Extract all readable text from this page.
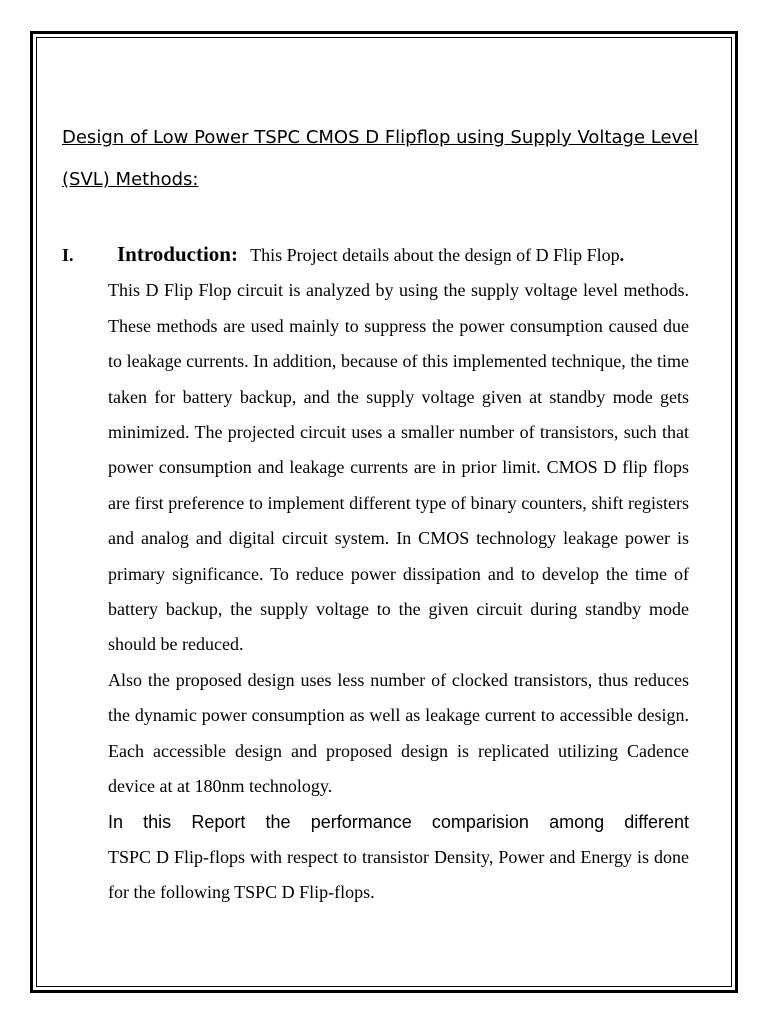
Design of Low Power TSPC CMOS D Flipflop using Supply Voltage Level (SVL) Methods:
I. Introduction: This Project details about the design of D Flip Flop.

This D Flip Flop circuit is analyzed by using the supply voltage level methods. These methods are used mainly to suppress the power consumption caused due to leakage currents. In addition, because of this implemented technique, the time taken for battery backup, and the supply voltage given at standby mode gets minimized. The projected circuit uses a smaller number of transistors, such that power consumption and leakage currents are in prior limit. CMOS D flip flops are first preference to implement different type of binary counters, shift registers and analog and digital circuit system. In CMOS technology leakage power is primary significance. To reduce power dissipation and to develop the time of battery backup, the supply voltage to the given circuit during standby mode should be reduced.

Also the proposed design uses less number of clocked transistors, thus reduces the dynamic power consumption as well as leakage current to accessible design. Each accessible design and proposed design is replicated utilizing Cadence device at at 180nm technology.

In this Report the performance comparision among different
TSPC D Flip-flops with respect to transistor Density, Power and Energy is done for the following TSPC D Flip-flops.
